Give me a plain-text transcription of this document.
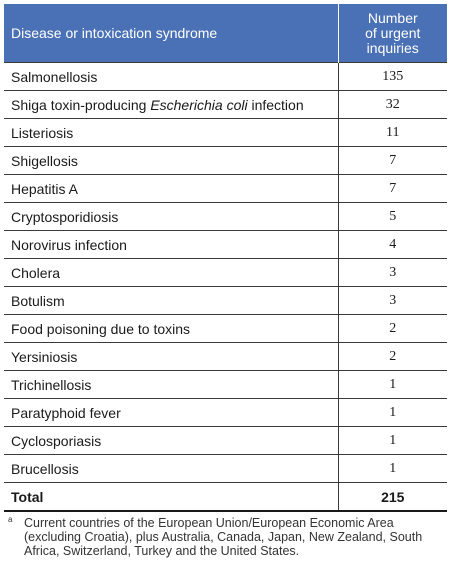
Disease or intoxication syndrome	Number
of urgent
inquiries
Salmonellosis	135
Shiga toxin-producing Escherichia coli infection	32
Listeriosis	11
Shigellosis	7
Hepatitis A	7
Cryptosporidiosis	5
Norovirus infection	4
Cholera	3
Botulism	3
Food poisoning due to toxins	2
Yersiniosis	2
Trichinellosis	1
Paratyphoid fever	1
Cyclosporiasis	1
Brucellosis	1
Total	215
a Current countries of the European Union/European Economic Area (excluding Croatia), plus Australia, Canada, Japan, New Zealand, South Africa, Switzerland, Turkey and the United States.
